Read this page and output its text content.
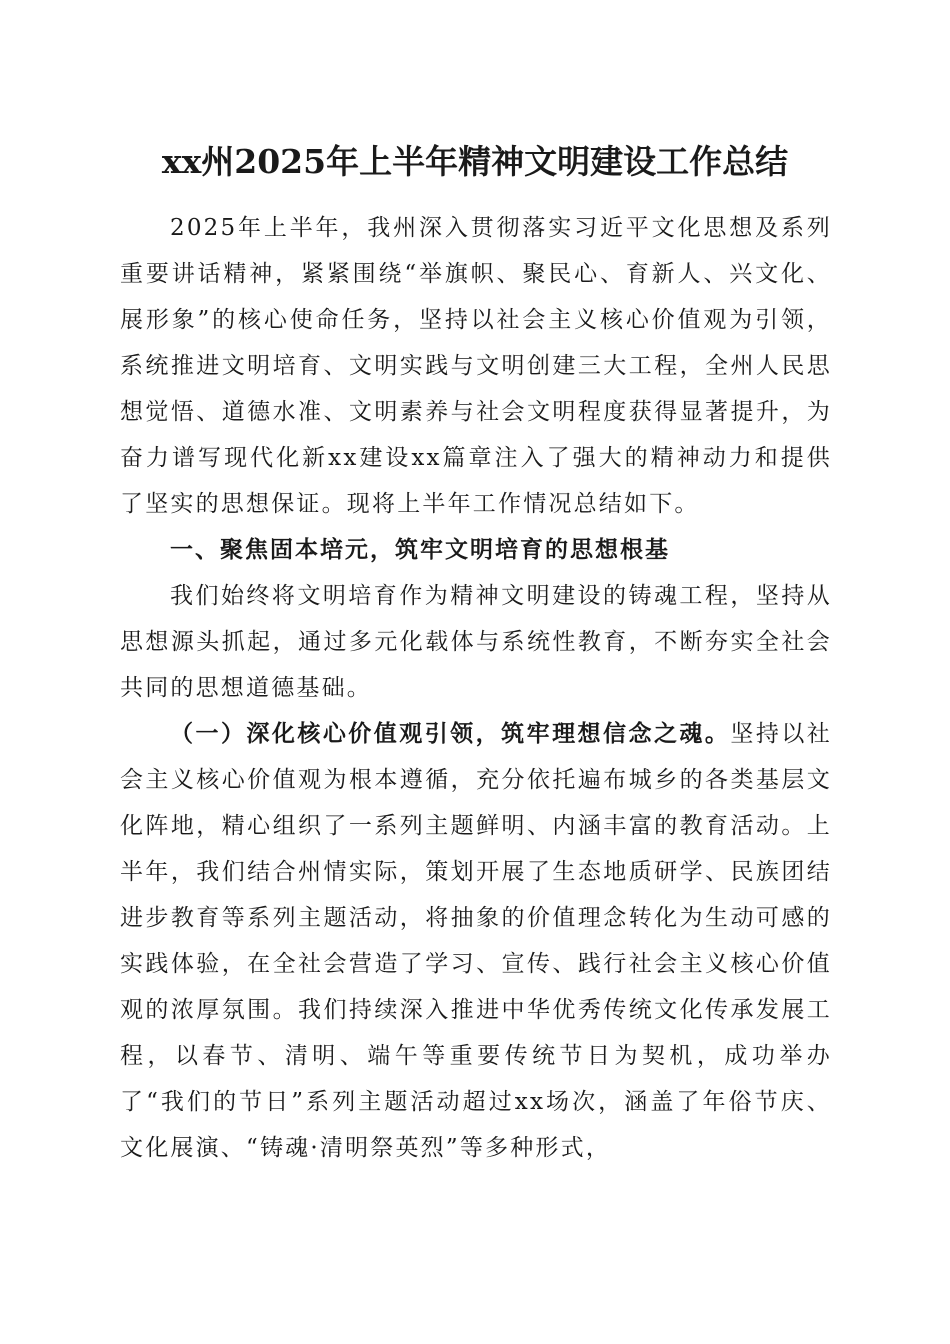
xx州2025年上半年精神文明建设工作总结

2025年上半年，我州深入贯彻落实习近平文化思想及系列重要讲话精神，紧紧围绕“举旗帜、聚民心、育新人、兴文化、展形象”的核心使命任务，坚持以社会主义核心价值观为引领，系统推进文明培育、文明实践与文明创建三大工程，全州人民思想觉悟、道德水准、文明素养与社会文明程度获得显著提升，为奋力谱写现代化新xx建设xx篇章注入了强大的精神动力和提供了坚实的思想保证。现将上半年工作情况总结如下。

一、聚焦固本培元，筑牢文明培育的思想根基

我们始终将文明培育作为精神文明建设的铸魂工程，坚持从思想源头抓起，通过多元化载体与系统性教育，不断夯实全社会共同的思想道德基础。

（一）深化核心价值观引领，筑牢理想信念之魂。坚持以社会主义核心价值观为根本遵循，充分依托遍布城乡的各类基层文化阵地，精心组织了一系列主题鲜明、内涵丰富的教育活动。上半年，我们结合州情实际，策划开展了生态地质研学、民族团结进步教育等系列主题活动，将抽象的价值理念转化为生动可感的实践体验，在全社会营造了学习、宣传、践行社会主义核心价值观的浓厚氛围。我们持续深入推进中华优秀传统文化传承发展工程，以春节、清明、端午等重要传统节日为契机，成功举办了“我们的节日”系列主题活动超过xx场次，涵盖了年俗节庆、文化展演、“铸魂·清明祭英烈”等多种形式，
